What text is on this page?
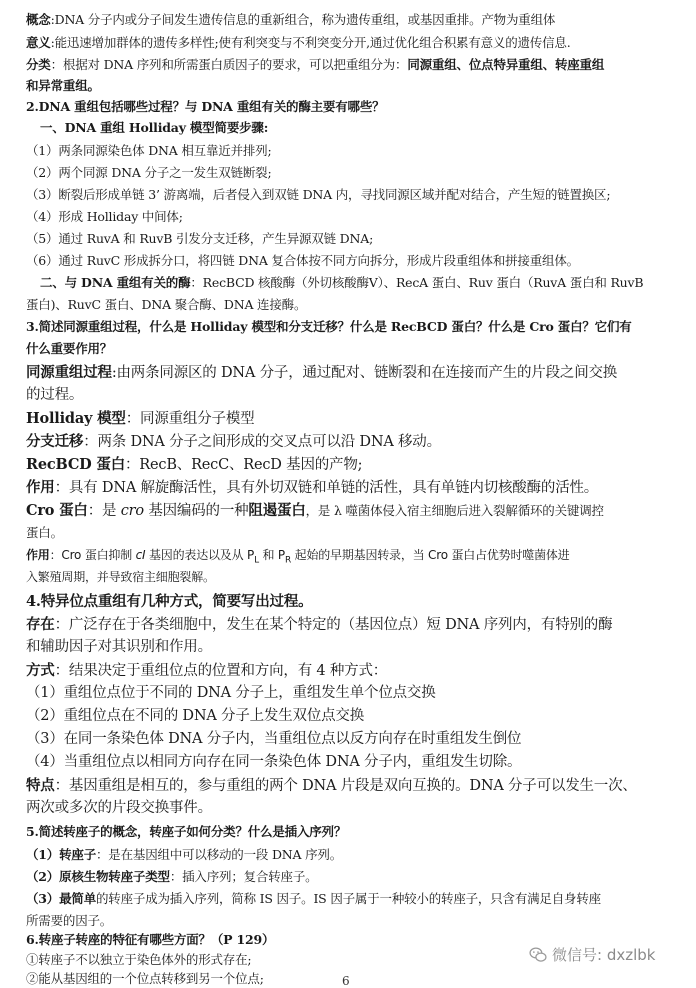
概念:DNA 分子内或分子间发生遗传信息的重新组合，称为遗传重组，或基因重排。产物为重组体
意义:能迅速增加群体的遗传多样性;使有利突变与不利突变分开,通过优化组合积累有意义的遗传信息.
分类：根据对 DNA 序列和所需蛋白质因子的要求，可以把重组分为：同源重组、位点特异重组、转座重组
和异常重组。
2.DNA 重组包括哪些过程？与 DNA 重组有关的酶主要有哪些？
一、DNA 重组 Holliday 模型简要步骤:
（1）两条同源染色体 DNA 相互靠近并排列;
（2）两个同源 DNA 分子之一发生双链断裂;
（3）断裂后形成单链 3’ 游离端，后者侵入到双链 DNA 内，寻找同源区域并配对结合，产生短的链置换区;
（4）形成 Holliday 中间体;
（5）通过 RuvA 和 RuvB 引发分支迁移，产生异源双链 DNA;
（6）通过 RuvC 形成拆分口，将四链 DNA 复合体按不同方向拆分，形成片段重组体和拼接重组体。
二、与 DNA 重组有关的酶：RecBCD 核酸酶（外切核酸酶Ⅴ）、RecA 蛋白、Ruv 蛋白（RuvA 蛋白和 RuvB
蛋白)、RuvC 蛋白、DNA 聚合酶、DNA 连接酶。
3.简述同源重组过程，什么是 Holliday 模型和分支迁移？什么是 RecBCD 蛋白？什么是 Cro 蛋白？它们有
什么重要作用？
同源重组过程:由两条同源区的 DNA 分子，通过配对、链断裂和在连接而产生的片段之间交换
的过程。
Holliday 模型：同源重组分子模型
分支迁移：两条 DNA 分子之间形成的交叉点可以沿 DNA 移动。
RecBCD 蛋白：RecB、RecC、RecD 基因的产物;
作用：具有 DNA 解旋酶活性，具有外切双链和单链的活性，具有单链内切核酸酶的活性。
Cro 蛋白：是 cro 基因编码的一种阻遏蛋白，是 λ 噬菌体侵入宿主细胞后进入裂解循环的关键调控
蛋白。
作用：Cro 蛋白抑制 cI 基因的表达以及从 $P_L$ 和 $P_R$ 起始的早期基因转录，当 Cro 蛋白占优势时噬菌体进
入繁殖周期，并导致宿主细胞裂解。
4.特异位点重组有几种方式，简要写出过程。
存在：广泛存在于各类细胞中，发生在某个特定的（基因位点）短 DNA 序列内，有特别的酶
和辅助因子对其识别和作用。
方式：结果决定于重组位点的位置和方向，有 4 种方式：
（1）重组位点位于不同的 DNA 分子上，重组发生单个位点交换
（2）重组位点在不同的 DNA 分子上发生双位点交换
（3）在同一条染色体 DNA 分子内，当重组位点以反方向存在时重组发生倒位
（4）当重组位点以相同方向存在同一条染色体 DNA 分子内，重组发生切除。
特点：基因重组是相互的，参与重组的两个 DNA 片段是双向互换的。DNA 分子可以发生一次、
两次或多次的片段交换事件。
5.简述转座子的概念，转座子如何分类？什么是插入序列？
（1）转座子：是在基因组中可以移动的一段 DNA 序列。
（2）原核生物转座子类型：插入序列；复合转座子。
（3）最简单的转座子成为插入序列，简称 IS 因子。IS 因子属于一种较小的转座子，只含有满足自身转座
所需要的因子。
6.转座子转座的特征有哪些方面？（P 129）
①转座子不以独立于染色体外的形式存在;
②能从基因组的一个位点转移到另一个位点;
微信号: dxzlbk
6
